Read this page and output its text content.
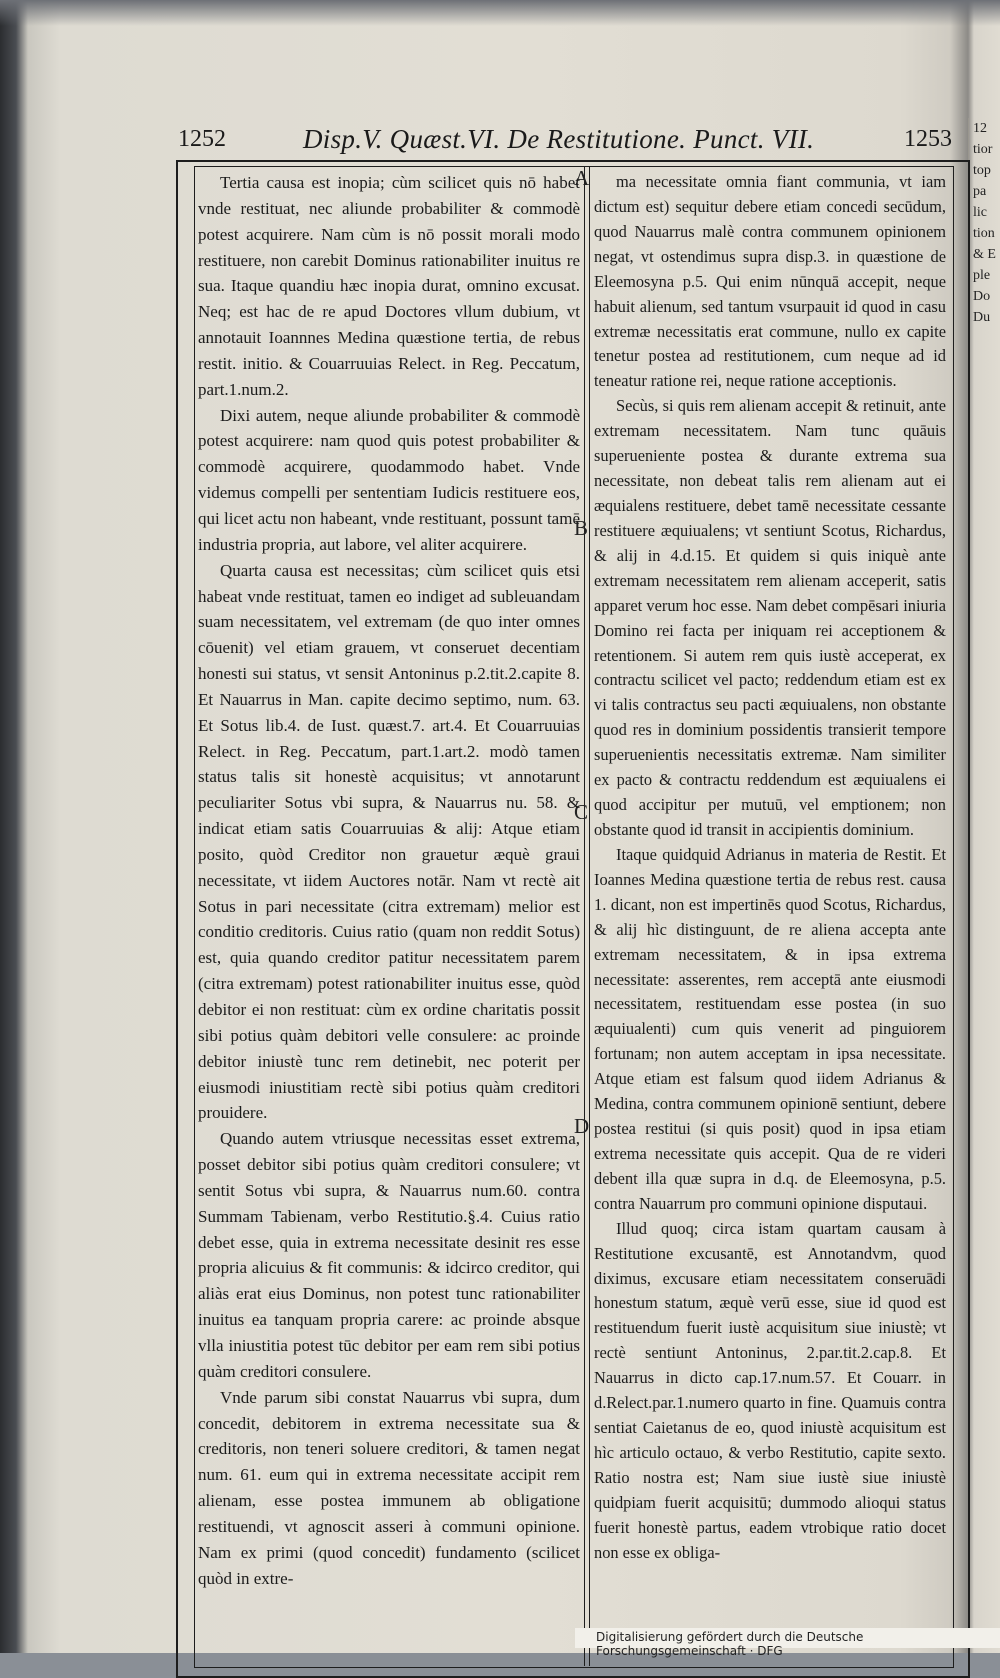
12
tior
top
pa
lic
tion
& E
ple
Do
Du

1252	Disp.V. Quæst.VI. De Restitutione. Punct. VII.	1253
A
B
C
D

Tertia causa est inopia; cùm scilicet quis nō habet vnde restituat, nec aliunde probabiliter & commodè potest acquirere. Nam cùm is nō possit morali modo restituere, non carebit Dominus rationabiliter inuitus re sua. Itaque quandiu hæc inopia durat, omnino excusat. Neq; est hac de re apud Doctores vllum dubium, vt annotauit Ioannnes Medina quæstione tertia, de rebus restit. initio. & Couarruuias Relect. in Reg. Peccatum, part.1.num.2.

Dixi autem, neque aliunde probabiliter & commodè potest acquirere: nam quod quis potest probabiliter & commodè acquirere, quodammodo habet. Vnde videmus compelli per sententiam Iudicis restituere eos, qui licet actu non habeant, vnde restituant, possunt tamē industria propria, aut labore, vel aliter acquirere.

Quarta causa est necessitas; cùm scilicet quis etsi habeat vnde restituat, tamen eo indiget ad subleuandam suam necessitatem, vel extremam (de quo inter omnes cōuenit) vel etiam grauem, vt conseruet decentiam honesti sui status, vt sensit Antoninus p.2.tit.2.capite 8. Et Nauarrus in Man. capite decimo septimo, num. 63. Et Sotus lib.4. de Iust. quæst.7. art.4. Et Couarruuias Relect. in Reg. Peccatum, part.1.art.2. modò tamen status talis sit honestè acquisitus; vt annotarunt peculiariter Sotus vbi supra, & Nauarrus nu. 58. & indicat etiam satis Couarruuias & alij: Atque etiam posito, quòd Creditor non grauetur æquè graui necessitate, vt iidem Auctores notār. Nam vt rectè ait Sotus in pari necessitate (citra extremam) melior est conditio creditoris. Cuius ratio (quam non reddit Sotus) est, quia quando creditor patitur necessitatem parem (citra extremam) potest rationabiliter inuitus esse, quòd debitor ei non restituat: cùm ex ordine charitatis possit sibi potius quàm debitori velle consulere: ac proinde debitor iniustè tunc rem detinebit, nec poterit per eiusmodi iniustitiam rectè sibi potius quàm creditori prouidere.

Quando autem vtriusque necessitas esset extrema, posset debitor sibi potius quàm creditori consulere; vt sentit Sotus vbi supra, & Nauarrus num.60. contra Summam Tabienam, verbo Restitutio.§.4. Cuius ratio debet esse, quia in extrema necessitate desinit res esse propria alicuius & fit communis: & idcirco creditor, qui aliàs erat eius Dominus, non potest tunc rationabiliter inuitus ea tanquam propria carere: ac proinde absque vlla iniustitia potest tūc debitor per eam rem sibi potius quàm creditori consulere.

Vnde parum sibi constat Nauarrus vbi supra, dum concedit, debitorem in extrema necessitate sua & creditoris, non teneri soluere creditori, & tamen negat num. 61. eum qui in extrema necessitate accipit rem alienam, esse postea immunem ab obligatione restituendi, vt agnoscit asseri à communi opinione. Nam ex primi (quod concedit) fundamento (scilicet quòd in extre-

ma necessitate omnia fiant communia, vt iam dictum est) sequitur debere etiam concedi secūdum, quod Nauarrus malè contra communem opinionem negat, vt ostendimus supra disp.3. in quæstione de Eleemosyna p.5. Qui enim nūnquā accepit, neque habuit alienum, sed tantum vsurpauit id quod in casu extremæ necessitatis erat commune, nullo ex capite tenetur postea ad restitutionem, cum neque ad id teneatur ratione rei, neque ratione acceptionis.

Secùs, si quis rem alienam accepit & retinuit, ante extremam necessitatem. Nam tunc quāuis superueniente postea & durante extrema sua necessitate, non debeat talis rem alienam aut ei æquialens restituere, debet tamē necessitate cessante restituere æquiualens; vt sentiunt Scotus, Richardus, & alij in 4.d.15. Et quidem si quis iniquè ante extremam necessitatem rem alienam acceperit, satis apparet verum hoc esse. Nam debet compēsari iniuria Domino rei facta per iniquam rei acceptionem & retentionem. Si autem rem quis iustè acceperat, ex contractu scilicet vel pacto; reddendum etiam est ex vi talis contractus seu pacti æquiualens, non obstante quod res in dominium possidentis transierit tempore superuenientis necessitatis extremæ. Nam similiter ex pacto & contractu reddendum est æquiualens ei quod accipitur per mutuū, vel emptionem; non obstante quod id transit in accipientis dominium.

Itaque quidquid Adrianus in materia de Restit. Et Ioannes Medina quæstione tertia de rebus rest. causa 1. dicant, non est impertinēs quod Scotus, Richardus, & alij hìc distinguunt, de re aliena accepta ante extremam necessitatem, & in ipsa extrema necessitate: asserentes, rem acceptā ante eiusmodi necessitatem, restituendam esse postea (in suo æquiualenti) cum quis venerit ad pinguiorem fortunam; non autem acceptam in ipsa necessitate. Atque etiam est falsum quod iidem Adrianus & Medina, contra communem opinionē sentiunt, debere postea restitui (si quis posit) quod in ipsa etiam extrema necessitate quis accepit. Qua de re videri debent illa quæ supra in d.q. de Eleemosyna, p.5. contra Nauarrum pro communi opinione disputaui.

Illud quoq; circa istam quartam causam à Restitutione excusantē, est Annotandvm, quod diximus, excusare etiam necessitatem conseruādi honestum statum, æquè verū esse, siue id quod est restituendum fuerit iustè acquisitum siue iniustè; vt rectè sentiunt Antoninus, 2.par.tit.2.cap.8. Et Nauarrus in dicto cap.17.num.57. Et Couarr. in d.Relect.par.1.numero quarto in fine. Quamuis contra sentiat Caietanus de eo, quod iniustè acquisitum est hìc articulo octauo, & verbo Restitutio, capite sexto. Ratio nostra est; Nam siue iustè siue iniustè quidpiam fuerit acquisitū; dummodo alioqui status fuerit honestè partus, eadem vtrobique ratio docet non esse ex obliga-

Digitalisierung gefördert durch die Deutsche Forschungsgemeinschaft · DFG
